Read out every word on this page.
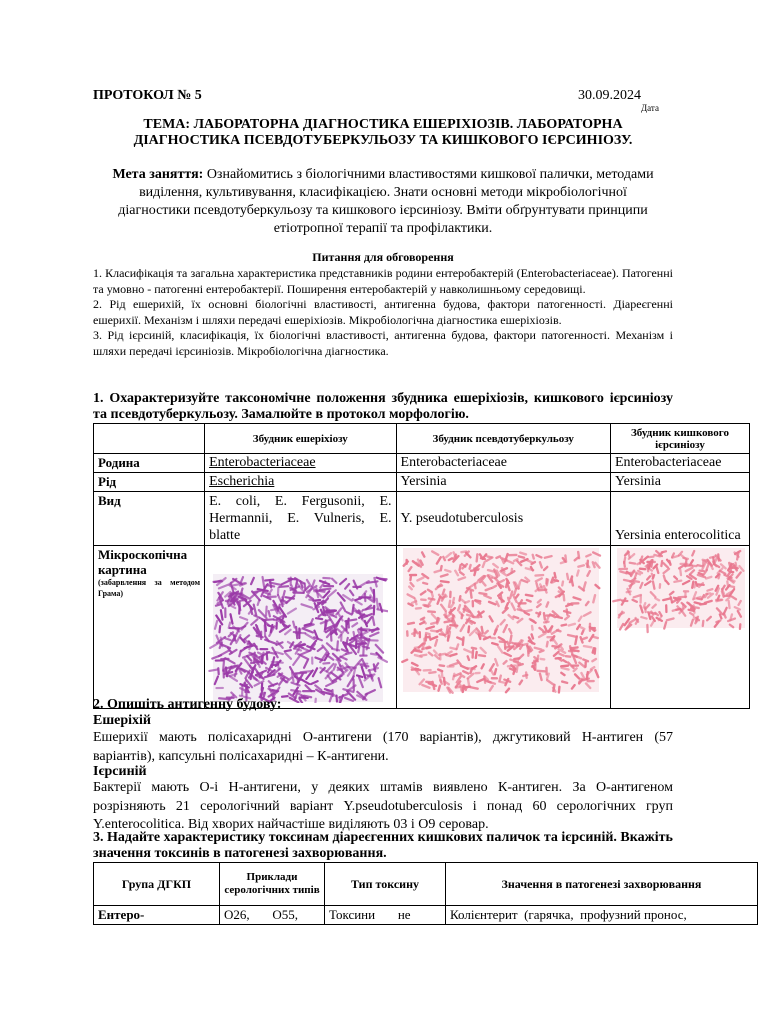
ПРОТОКОЛ № 5	30.09.2024
Дата
ТЕМА: ЛАБОРАТОРНА ДІАГНОСТИКА ЕШЕРІХІОЗІВ. ЛАБОРАТОРНА ДІАГНОСТИКА ПСЕВДОТУБЕРКУЛЬОЗУ ТА КИШКОВОГО ІЄРСИНІОЗУ.
Мета заняття: Ознайомитись з біологічними властивостями кишкової палички, методами виділення, культивування, класифікацією. Знати основні методи мікробіологічної діагностики псевдотуберкульозу та кишкового ієрсиніозу. Вміти обґрунтувати принципи етіотропної терапії та профілактики.
Питання для обговорення

1. Класифікація та загальна характеристика представників родини ентеробактерій (Enterobacteriaceae). Патогенні та умовно - патогенні ентеробактерії. Поширення ентеробактерій у навколишньому середовищі.

2. Рід ешерихій, їх основні біологічні властивості, антигенна будова, фактори патогенності. Діареєгенні ешерихії. Механізм і шляхи передачі ешеріхіозів. Мікробіологічна діагностика ешеріхіозів.

3. Рід ієрсиній, класифікація, їх біологічні властивості, антигенна будова, фактори патогенності. Механізм і шляхи передачі ієрсиніозів. Мікробіологічна діагностика.

1. Охарактеризуйте таксономічне положення збудника ешеріхіозів, кишкового ієрсиніозу та псевдотуберкульозу. Замалюйте в протокол морфологію.
	Збудник ешеріхіозу	Збудник псевдотуберкульозу	Збудник кишкового ієрсиніозу
Родина	Enterobacteriaceae	Enterobacteriaceae	Enterobacteriaceae
Рід	Escherichia	Yersinia	Yersinia
Вид	E. coli, E. Fergusonii, E. Hermannii, E. Vulneris, E. blatte	Y. pseudotuberculosis	Yersinia enterocolitica

Мікроскопічна картина
(забарвлення за методом Грама)

2. Опишіть антигенну будову:
Ешеріхій
Ешерихії мають полісахаридні О-антигени (170 варіантів), джгутиковий Н-антиген (57 варіантів), капсульні полісахаридні – К-антигени.
Ієрсиній
Бактерії мають О-і Н-антигени, у деяких штамів виявлено К-антиген. За О-антигеном розрізняють 21 серологічний варіант Y.pseudotuberculosis і понад 60 серологічних груп Y.enterocolitica. Від хворих найчастіше виділяють 03 і О9 серовар.
3. Надайте характеристику токсинам діареєгенних кишкових паличок та ієрсиній. Вкажіть значення токсинів в патогенезі захворювання.
Група ДГКП	Приклади серологічних типів	Тип токсину	Значення в патогенезі захворювання
Ентеро-	O26,       O55,	Токсини       не	Колієнтерит  (гарячка,  профузний пронос,
